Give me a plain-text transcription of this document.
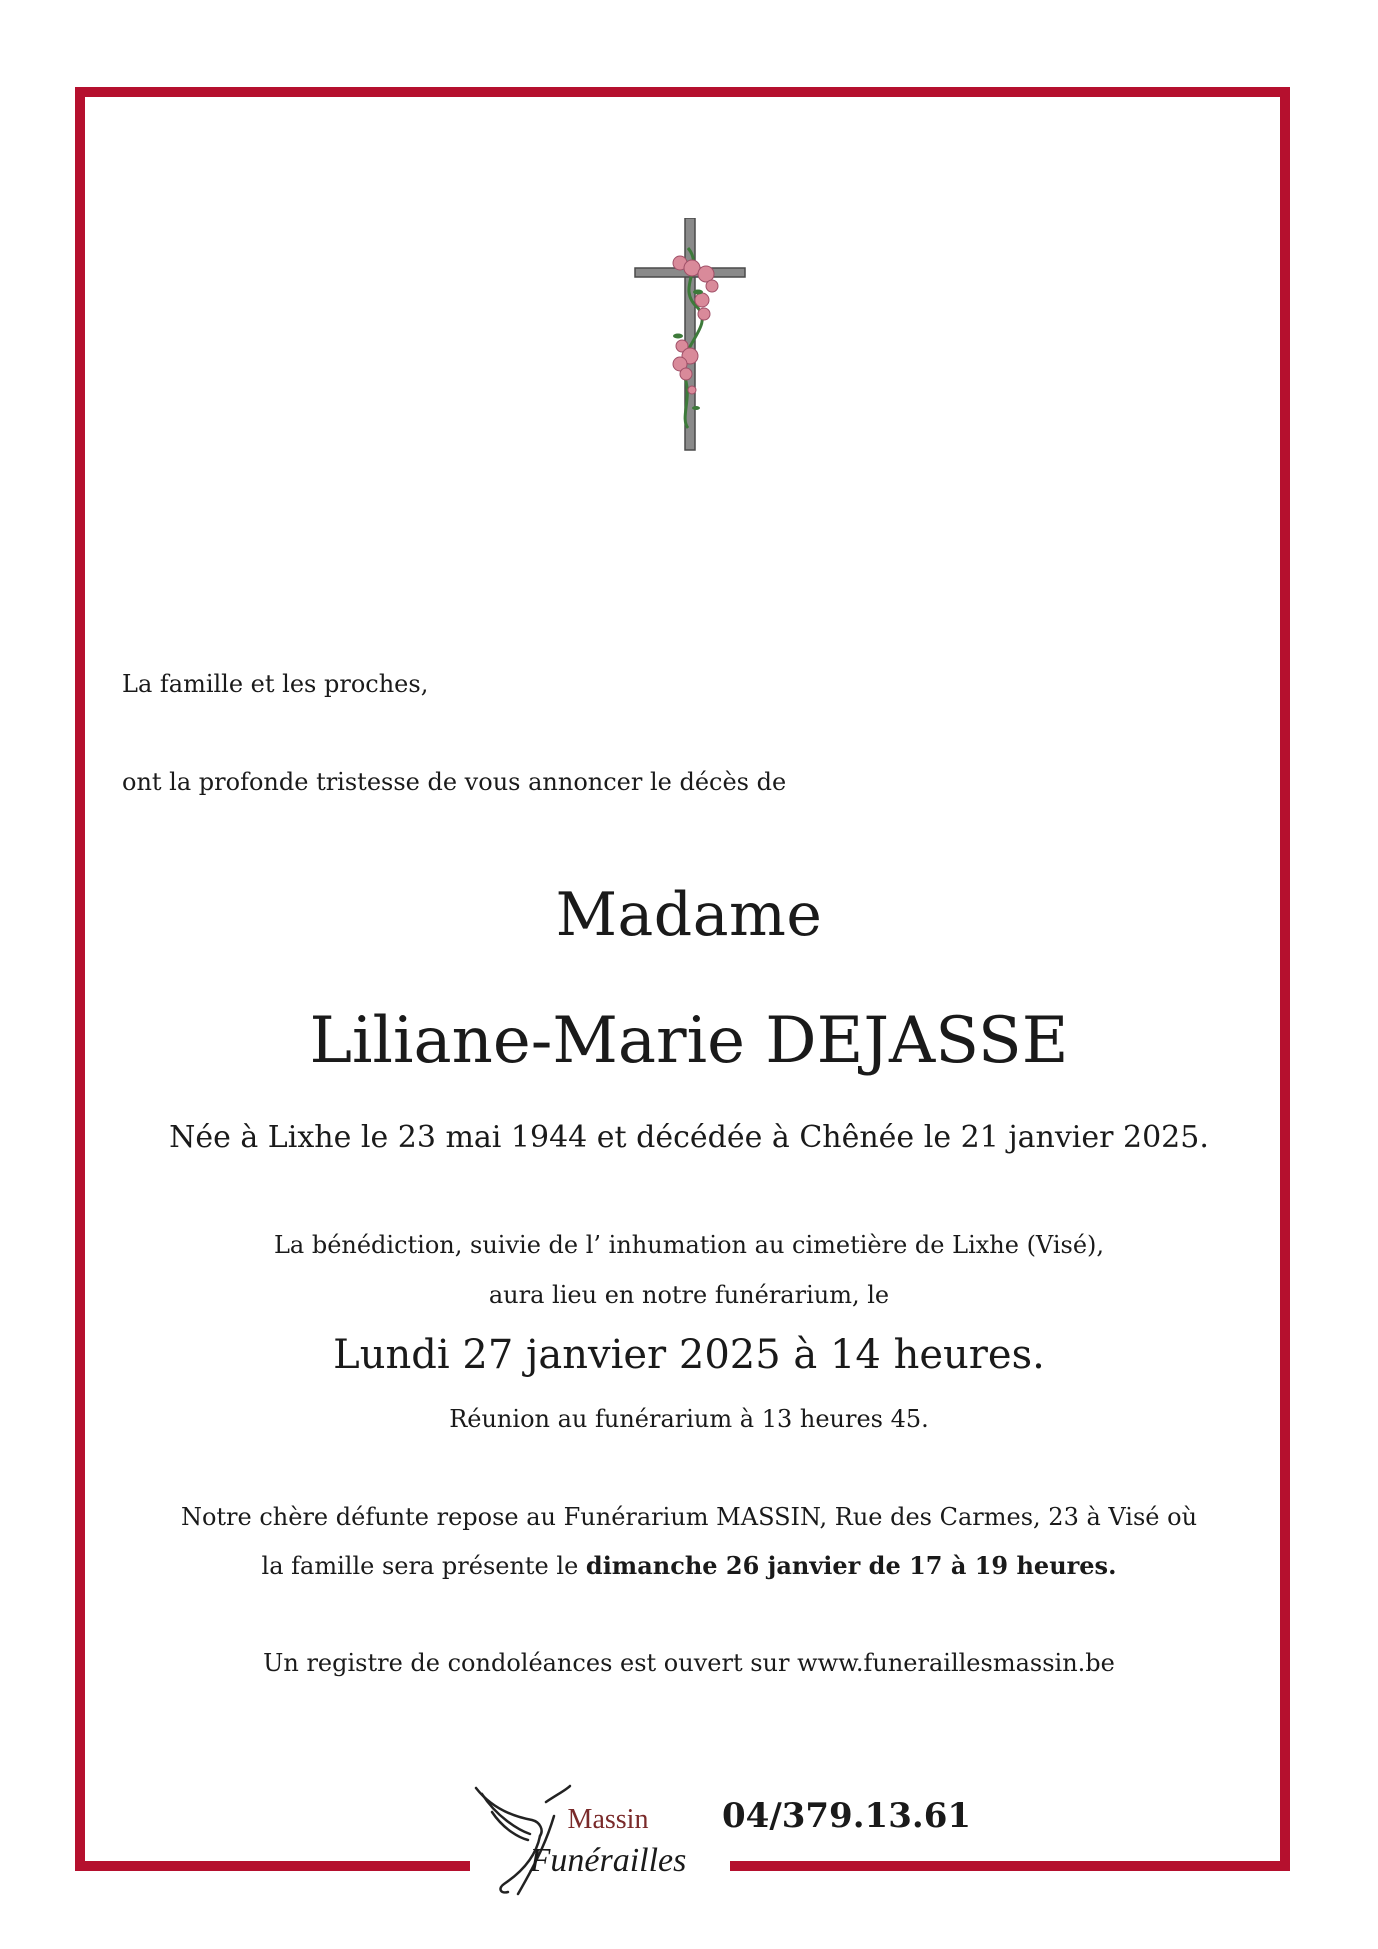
La famille et les proches,

ont la profonde tristesse de vous annoncer le décès de

Madame

Liliane-Marie DEJASSE

Née à Lixhe le 23 mai 1944 et décédée à Chênée le 21 janvier 2025.

La bénédiction, suivie de l’ inhumation au cimetière de Lixhe (Visé),

aura lieu en notre funérarium, le

Lundi 27 janvier 2025 à 14 heures.

Réunion au funérarium à 13 heures 45.

Notre chère défunte repose au Funérarium MASSIN, Rue des Carmes, 23 à Visé où

la famille sera présente le dimanche 26 janvier de 17 à 19 heures.

Un registre de condoléances est ouvert sur www.funeraillesmassin.be

Massin
Funérailles
04/379.13.61
